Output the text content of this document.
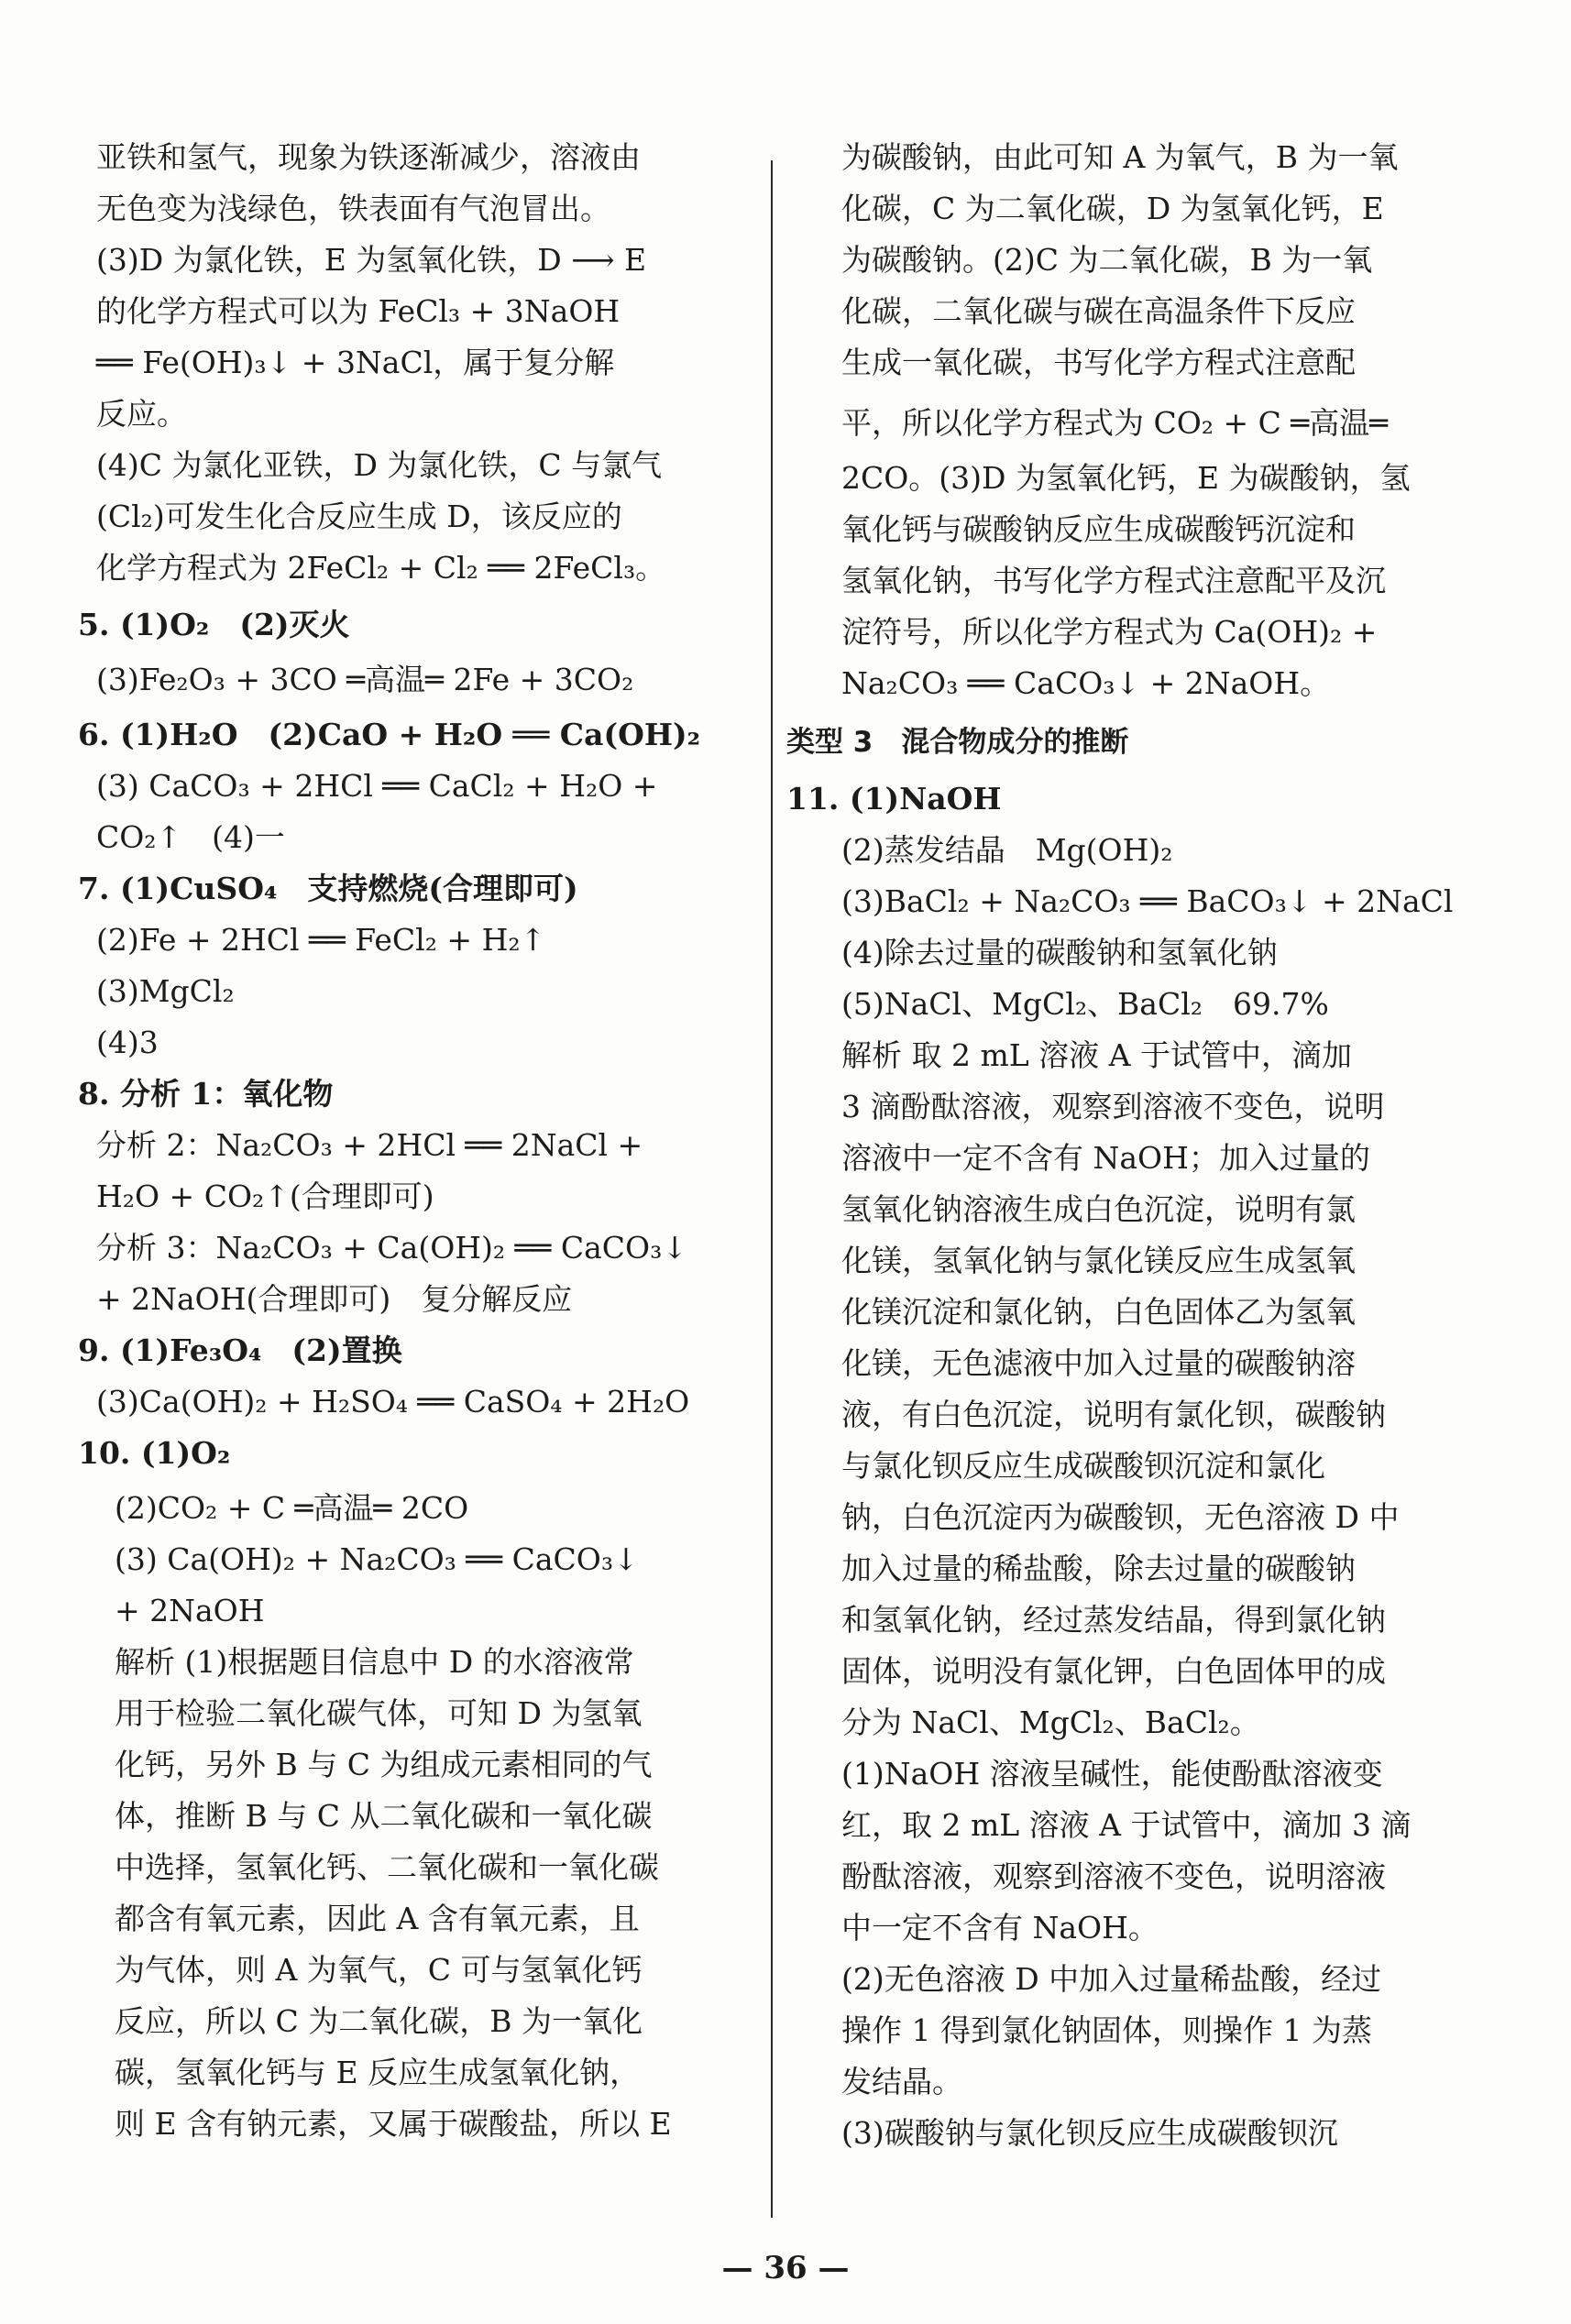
亚铁和氢气，现象为铁逐渐减少，溶液由
无色变为浅绿色，铁表面有气泡冒出。
(3)D 为氯化铁，E 为氢氧化铁，D ⟶ E
的化学方程式可以为 FeCl₃ + 3NaOH
══ Fe(OH)₃↓ + 3NaCl，属于复分解
反应。
(4)C 为氯化亚铁，D 为氯化铁，C 与氯气
(Cl₂)可发生化合反应生成 D，该反应的
化学方程式为 2FeCl₂ + Cl₂ ══ 2FeCl₃。
5. (1)O₂　(2)灭火
(3)Fe₂O₃ + 3CO ═高温═ 2Fe + 3CO₂
6. (1)H₂O　(2)CaO + H₂O ══ Ca(OH)₂
(3) CaCO₃ + 2HCl ══ CaCl₂ + H₂O +
CO₂↑　(4)一
7. (1)CuSO₄　支持燃烧(合理即可)
(2)Fe + 2HCl ══ FeCl₂ + H₂↑
(3)MgCl₂
(4)3
8. 分析 1：氧化物
分析 2：Na₂CO₃ + 2HCl ══ 2NaCl +
H₂O + CO₂↑(合理即可)
分析 3：Na₂CO₃ + Ca(OH)₂ ══ CaCO₃↓
+ 2NaOH(合理即可)　复分解反应
9. (1)Fe₃O₄　(2)置换
(3)Ca(OH)₂ + H₂SO₄ ══ CaSO₄ + 2H₂O
10. (1)O₂
(2)CO₂ + C ═高温═ 2CO
(3) Ca(OH)₂ + Na₂CO₃ ══ CaCO₃↓
+ 2NaOH
解析 (1)根据题目信息中 D 的水溶液常
用于检验二氧化碳气体，可知 D 为氢氧
化钙，另外 B 与 C 为组成元素相同的气
体，推断 B 与 C 从二氧化碳和一氧化碳
中选择，氢氧化钙、二氧化碳和一氧化碳
都含有氧元素，因此 A 含有氧元素，且
为气体，则 A 为氧气，C 可与氢氧化钙
反应，所以 C 为二氧化碳，B 为一氧化
碳，氢氧化钙与 E 反应生成氢氧化钠，
则 E 含有钠元素，又属于碳酸盐，所以 E
为碳酸钠，由此可知 A 为氧气，B 为一氧
化碳，C 为二氧化碳，D 为氢氧化钙，E
为碳酸钠。(2)C 为二氧化碳，B 为一氧
化碳，二氧化碳与碳在高温条件下反应
生成一氧化碳，书写化学方程式注意配
平，所以化学方程式为 CO₂ + C ═高温═
2CO。(3)D 为氢氧化钙，E 为碳酸钠，氢
氧化钙与碳酸钠反应生成碳酸钙沉淀和
氢氧化钠，书写化学方程式注意配平及沉
淀符号，所以化学方程式为 Ca(OH)₂ +
Na₂CO₃ ══ CaCO₃↓ + 2NaOH。
类型 3　混合物成分的推断
11. (1)NaOH
(2)蒸发结晶　Mg(OH)₂
(3)BaCl₂ + Na₂CO₃ ══ BaCO₃↓ + 2NaCl
(4)除去过量的碳酸钠和氢氧化钠
(5)NaCl、MgCl₂、BaCl₂　69.7%
解析 取 2 mL 溶液 A 于试管中，滴加
3 滴酚酞溶液，观察到溶液不变色，说明
溶液中一定不含有 NaOH；加入过量的
氢氧化钠溶液生成白色沉淀，说明有氯
化镁，氢氧化钠与氯化镁反应生成氢氧
化镁沉淀和氯化钠，白色固体乙为氢氧
化镁，无色滤液中加入过量的碳酸钠溶
液，有白色沉淀，说明有氯化钡，碳酸钠
与氯化钡反应生成碳酸钡沉淀和氯化
钠，白色沉淀丙为碳酸钡，无色溶液 D 中
加入过量的稀盐酸，除去过量的碳酸钠
和氢氧化钠，经过蒸发结晶，得到氯化钠
固体，说明没有氯化钾，白色固体甲的成
分为 NaCl、MgCl₂、BaCl₂。
(1)NaOH 溶液呈碱性，能使酚酞溶液变
红，取 2 mL 溶液 A 于试管中，滴加 3 滴
酚酞溶液，观察到溶液不变色，说明溶液
中一定不含有 NaOH。
(2)无色溶液 D 中加入过量稀盐酸，经过
操作 1 得到氯化钠固体，则操作 1 为蒸
发结晶。
(3)碳酸钠与氯化钡反应生成碳酸钡沉
— 36 —
